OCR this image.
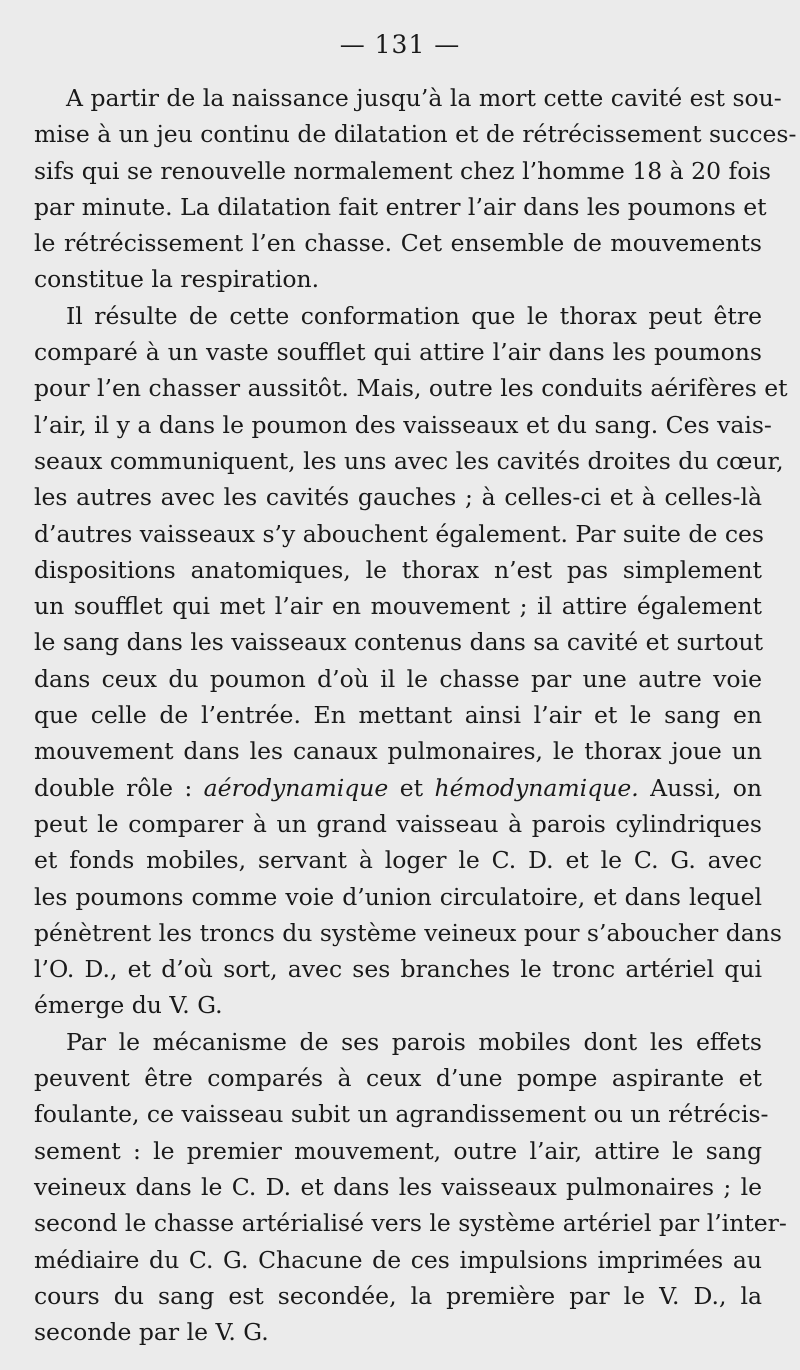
— 131 —
A partir de la naissance jusqu’à la mort cette cavité est sou-
mise à un jeu continu de dilatation et de rétrécissement succes-
sifs qui se renouvelle normalement chez l’homme 18 à 20 fois
par minute. La dilatation fait entrer l’air dans les poumons et
le rétrécissement l’en chasse. Cet ensemble de mouvements
constitue la respiration.
Il résulte de cette conformation que le thorax peut être
comparé à un vaste soufflet qui attire l’air dans les poumons
pour l’en chasser aussitôt. Mais, outre les conduits aérifères et
l’air, il y a dans le poumon des vaisseaux et du sang. Ces vais-
seaux communiquent, les uns avec les cavités droites du cœur,
les autres avec les cavités gauches ; à celles-ci et à celles-là
d’autres vaisseaux s’y abouchent également. Par suite de ces
dispositions anatomiques, le thorax n’est pas simplement
un soufflet qui met l’air en mouvement ; il attire également
le sang dans les vaisseaux contenus dans sa cavité et surtout
dans ceux du poumon d’où il le chasse par une autre voie
que celle de l’entrée. En mettant ainsi l’air et le sang en
mouvement dans les canaux pulmonaires, le thorax joue un
double rôle : aérodynamique et hémodynamique. Aussi, on
peut le comparer à un grand vaisseau à parois cylindriques
et fonds mobiles, servant à loger le C. D. et le C. G. avec
les poumons comme voie d’union circulatoire, et dans lequel
pénètrent les troncs du système veineux pour s’aboucher dans
l’O. D., et d’où sort, avec ses branches le tronc artériel qui
émerge du V. G.
Par le mécanisme de ses parois mobiles dont les effets
peuvent être comparés à ceux d’une pompe aspirante et
foulante, ce vaisseau subit un agrandissement ou un rétrécis-
sement : le premier mouvement, outre l’air, attire le sang
veineux dans le C. D. et dans les vaisseaux pulmonaires ; le
second le chasse artérialisé vers le système artériel par l’inter-
médiaire du C. G. Chacune de ces impulsions imprimées au
cours du sang est secondée, la première par le V. D., la
seconde par le V. G.
